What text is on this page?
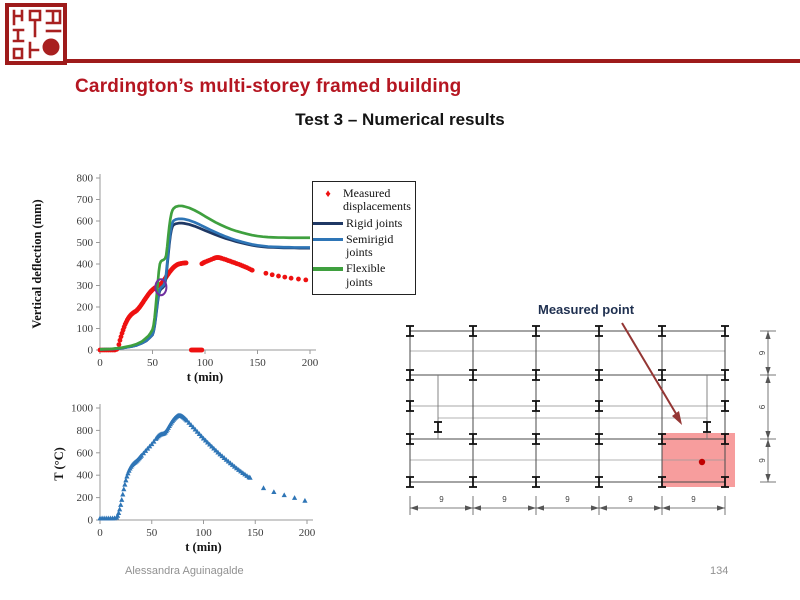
Cardington’s multi-storey framed building
Test 3 – Numerical results
0	50	100	150	200
0
100
200
300
400
500
600
700
800
t (min)
Vertical deflection (mm)
♦	Measured displacements
Rigid joints
Semirigid joints
Flexible joints
0	50	100	150	200
0
200
400
600
800
1000
t (min)
T (°C)
9	9	9	9	9
6
9
6
Measured point
Alessandra Aguinagalde	134
